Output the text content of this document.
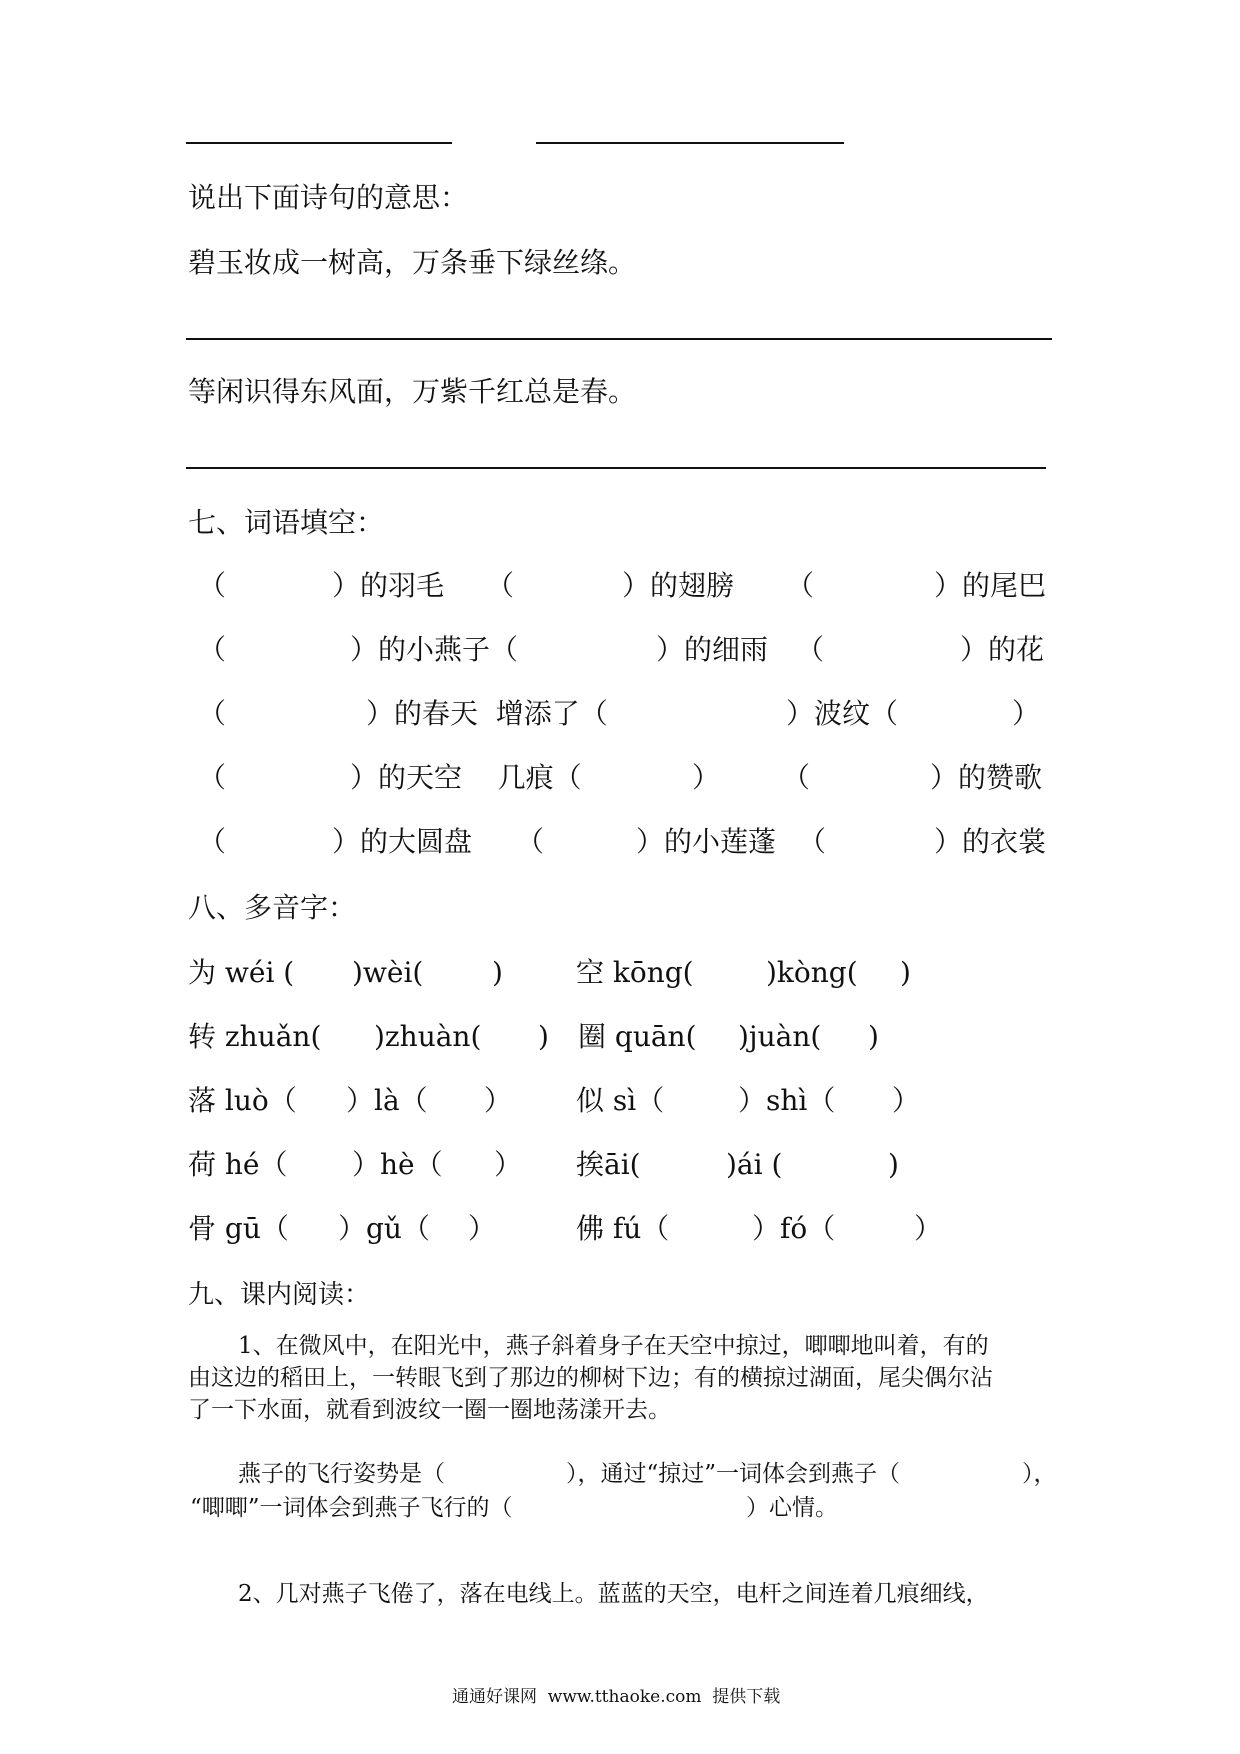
说出下面诗句的意思：
碧玉妆成一树高，万条垂下绿丝绦。
等闲识得东风面，万紫千红总是春。
七、词语填空：
（	）的羽毛 （	）的翅膀 （	）的尾巴
（	）的小燕子（	）的细雨 （	）的花
（	）的春天  增添了（	）波纹（	）
（	）的天空    几痕（	） （	）的赞歌
（	）的大圆盘 （	）的小莲蓬 （	）的衣裳
八、多音字：
为 wéi ( )wèi( )	空 kōng(	)kòng( )
转 zhuǎn( )zhuàn( ) 圈 quān( )juàn( )
落 luò（ ）là（ ） 似 sì（	）shì（ ）
荷 hé（ ）hè（ ） 挨āi(	)ái (	)
骨 gū（ ）gǔ（ ）	佛 fú（	）fó（	）
九、课内阅读：
1、在微风中，在阳光中，燕子斜着身子在天空中掠过，唧唧地叫着，有的
由这边的稻田上，一转眼飞到了那边的柳树下边；有的横掠过湖面，尾尖偶尔沾
了一下水面，就看到波纹一圈一圈地荡漾开去。
燕子的飞行姿势是（	），通过“掠过”一词体会到燕子（	），
“唧唧”一词体会到燕子飞行的（	）心情。
2、几对燕子飞倦了，落在电线上。蓝蓝的天空，电杆之间连着几痕细线，
通通好课网  www.tthaoke.com  提供下载
